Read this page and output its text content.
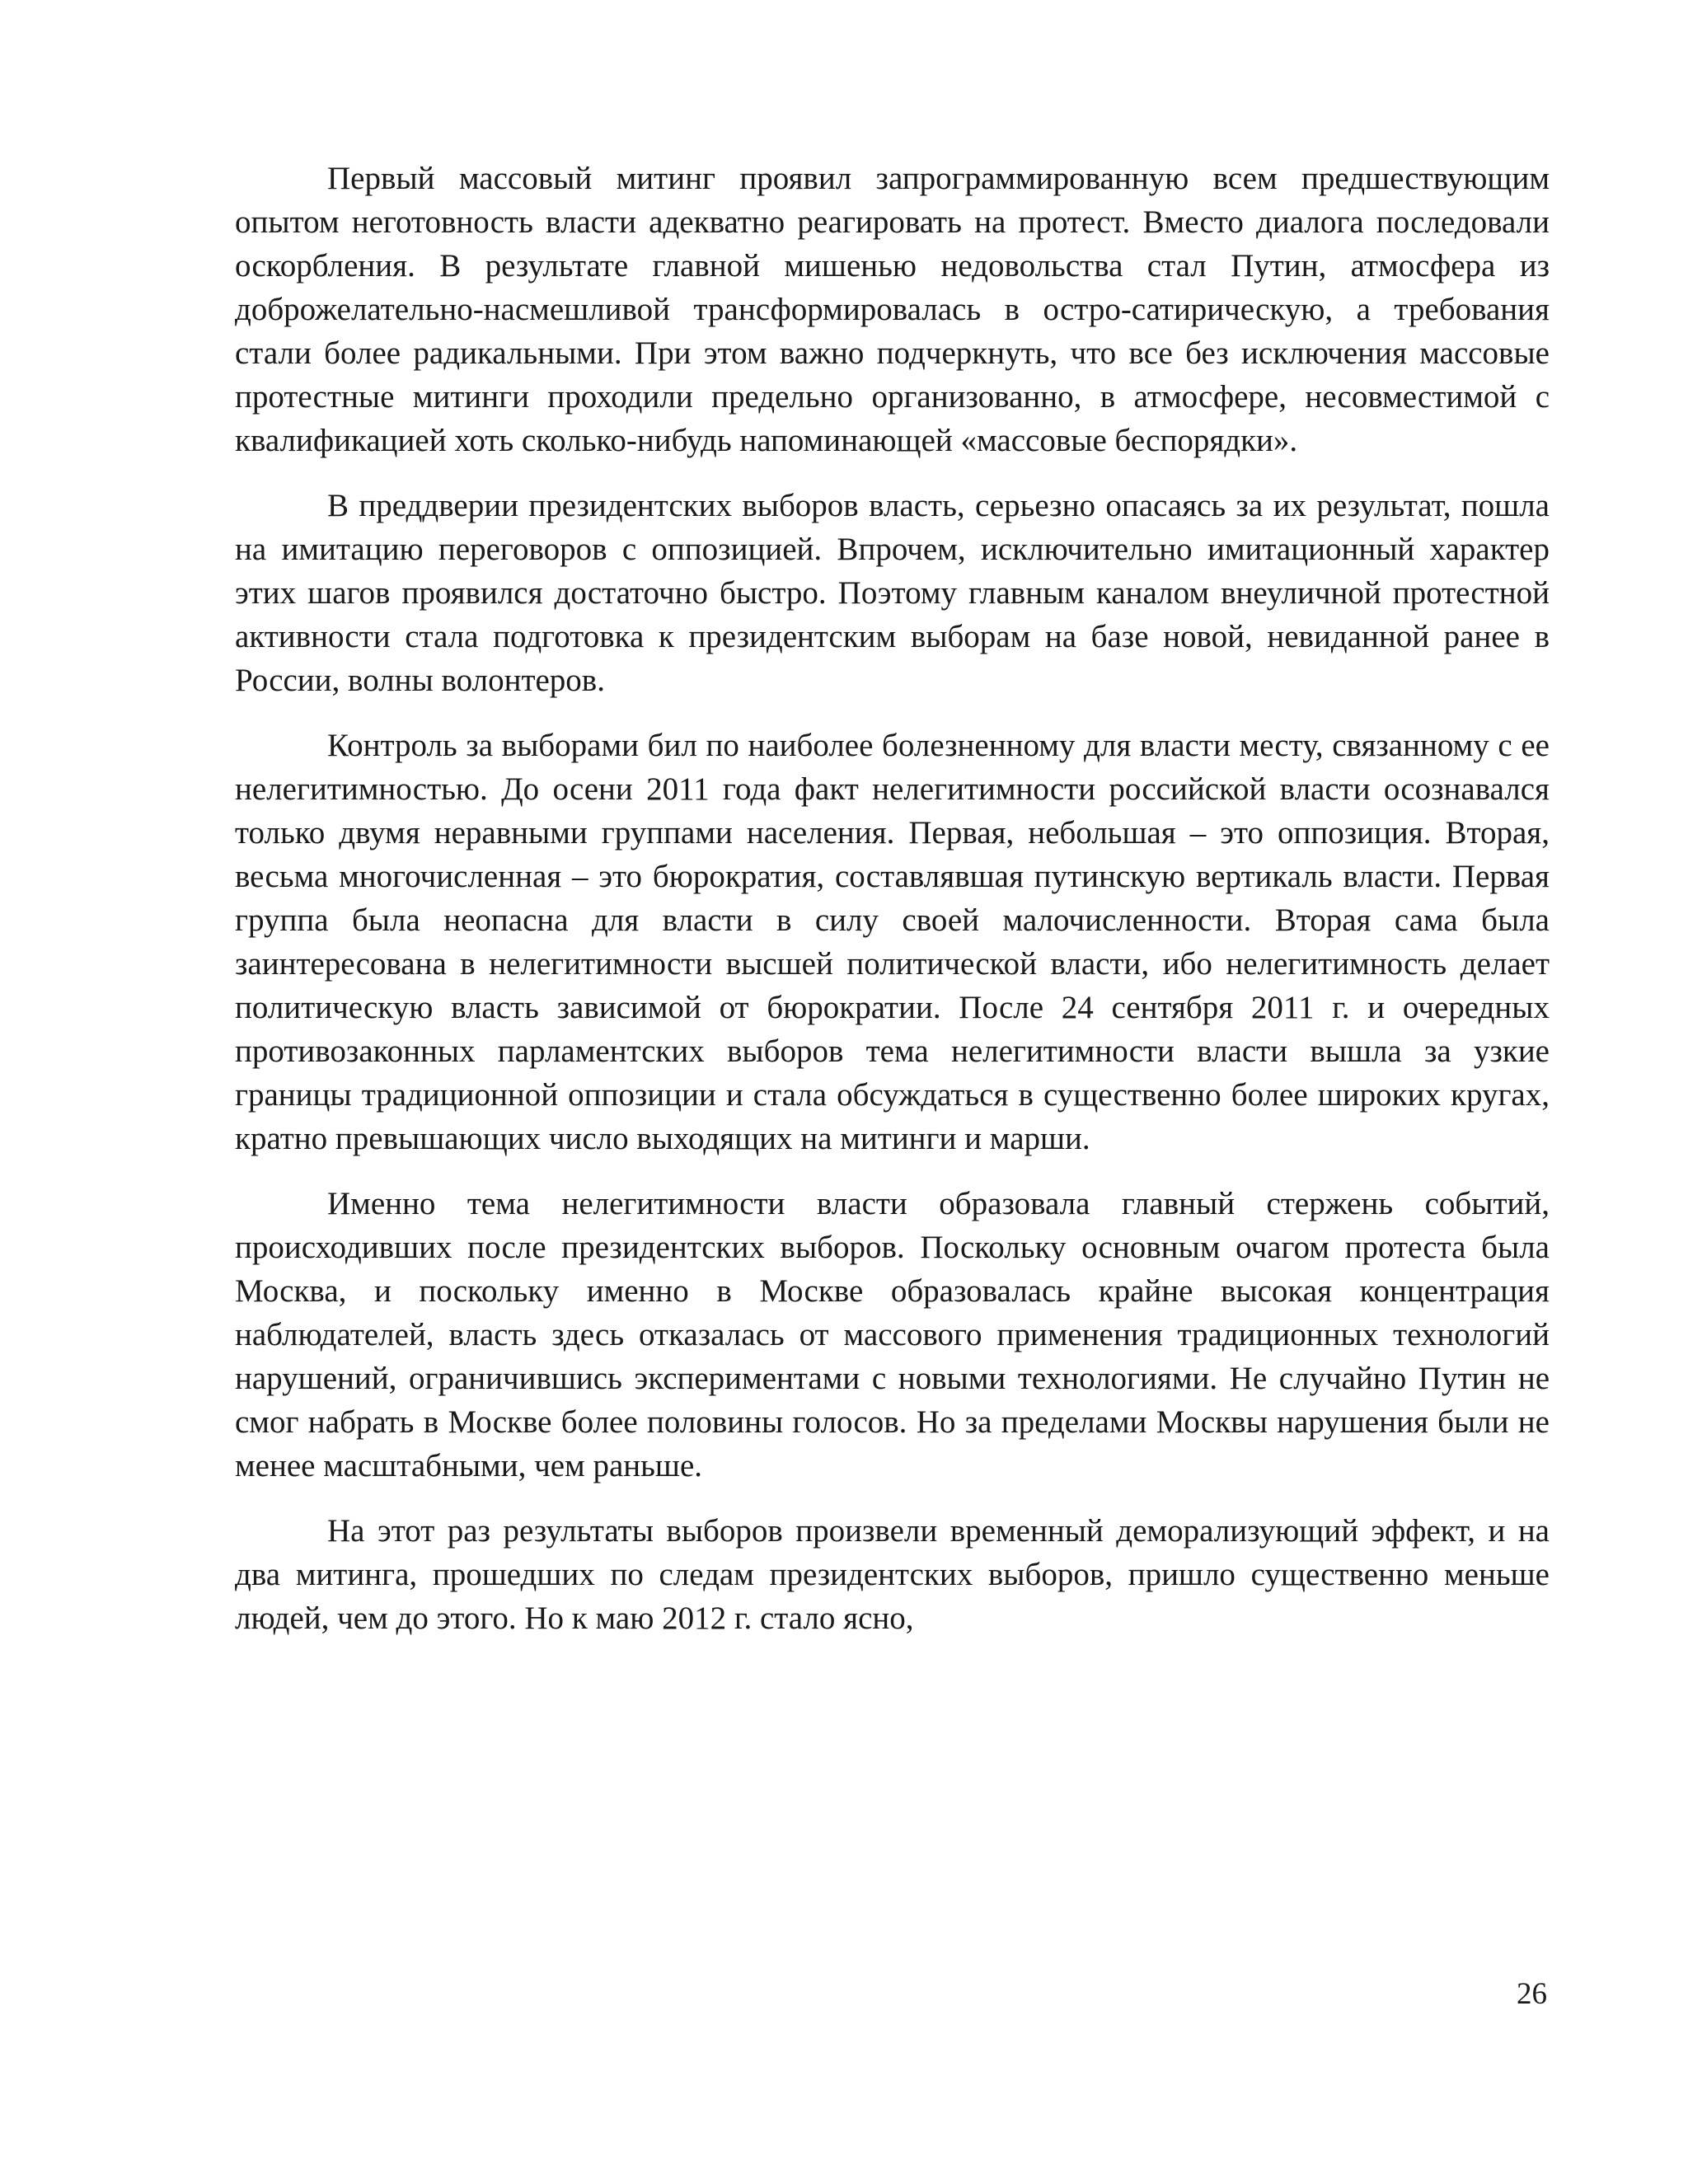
Первый массовый митинг проявил запрограммированную всем предшествующим опытом неготовность власти адекватно реагировать на протест. Вместо диалога последовали оскорбления. В результате главной мишенью недовольства стал Путин, атмосфера из доброжелательно-насмешливой трансформировалась в остро-сатирическую, а требования стали более радикальными. При этом важно подчеркнуть, что все без исключения массовые протестные митинги проходили предельно организованно, в атмосфере, несовместимой с квалификацией хоть сколько-нибудь напоминающей «массовые беспорядки».

В преддверии президентских выборов власть, серьезно опасаясь за их результат, пошла на имитацию переговоров с оппозицией. Впрочем, исключительно имитационный характер этих шагов проявился достаточно быстро. Поэтому главным каналом внеуличной протестной активности стала подготовка к президентским выборам на базе новой, невиданной ранее в России, волны волонтеров.

Контроль за выборами бил по наиболее болезненному для власти месту, связанному с ее нелегитимностью. До осени 2011 года факт нелегитимности российской власти осознавался только двумя неравными группами населения. Первая, небольшая – это оппозиция. Вторая, весьма многочисленная – это бюрократия, составлявшая путинскую вертикаль власти. Первая группа была неопасна для власти в силу своей малочисленности. Вторая сама была заинтересована в нелегитимности высшей политической власти, ибо нелегитимность делает политическую власть зависимой от бюрократии. После 24 сентября 2011 г. и очередных противозаконных парламентских выборов тема нелегитимности власти вышла за узкие границы традиционной оппозиции и стала обсуждаться в существенно более широких кругах, кратно превышающих число выходящих на митинги и марши.

Именно тема нелегитимности власти образовала главный стержень событий, происходивших после президентских выборов. Поскольку основным очагом протеста была Москва, и поскольку именно в Москве образовалась крайне высокая концентрация наблюдателей, власть здесь отказалась от массового применения традиционных технологий нарушений, ограничившись экспериментами с новыми технологиями. Не случайно Путин не смог набрать в Москве более половины голосов. Но за пределами Москвы нарушения были не менее масштабными, чем раньше.

На этот раз результаты выборов произвели временный деморализующий эффект, и на два митинга, прошедших по следам президентских выборов, пришло существенно меньше людей, чем до этого. Но к маю 2012 г. стало ясно,

26
